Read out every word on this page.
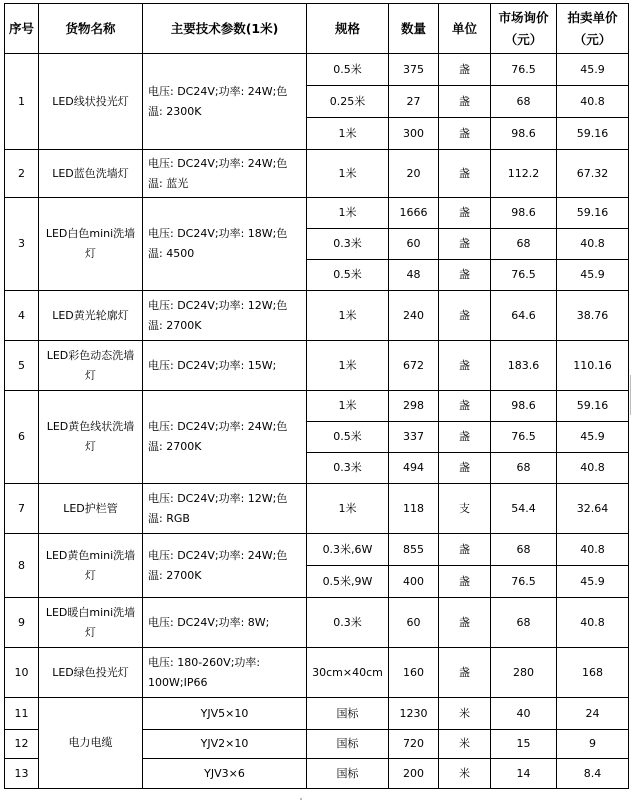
序号	货物名称	主要技术参数(1米)	规格	数量	单位	市场询价（元）	拍卖单价（元）
1	LED线状投光灯	电压: DC24V;功率: 24W;色温: 2300K	0.5米	375	盏	76.5	45.9
			0.25米	27	盏	68	40.8
			1米	300	盏	98.6	59.16
2	LED蓝色洗墙灯	电压: DC24V;功率: 24W;色温: 蓝光	1米	20	盏	112.2	67.32
3	LED白色mini洗墙灯	电压: DC24V;功率: 18W;色温: 4500	1米	1666	盏	98.6	59.16
			0.3米	60	盏	68	40.8
			0.5米	48	盏	76.5	45.9
4	LED黄光轮廓灯	电压: DC24V;功率: 12W;色温: 2700K	1米	240	盏	64.6	38.76
5	LED彩色动态洗墙灯	电压: DC24V;功率: 15W;	1米	672	盏	183.6	110.16
6	LED黄色线状洗墙灯	电压: DC24V;功率: 24W;色温: 2700K	1米	298	盏	98.6	59.16
			0.5米	337	盏	76.5	45.9
			0.3米	494	盏	68	40.8
7	LED护栏管	电压: DC24V;功率: 12W;色温: RGB	1米	118	支	54.4	32.64
8	LED黄色mini洗墙灯	电压: DC24V;功率: 24W;色温: 2700K	0.3米,6W	855	盏	68	40.8
			0.5米,9W	400	盏	76.5	45.9
9	LED暖白mini洗墙灯	电压: DC24V;功率: 8W;	0.3米	60	盏	68	40.8
10	LED绿色投光灯	电压: 180-260V;功率: 100W;IP66	30cm×40cm	160	盏	280	168
11	电力电缆	YJV5×10	国标	1230	米	40	24
12		YJV2×10	国标	720	米	15	9
13		YJV3×6	国标	200	米	14	8.4
